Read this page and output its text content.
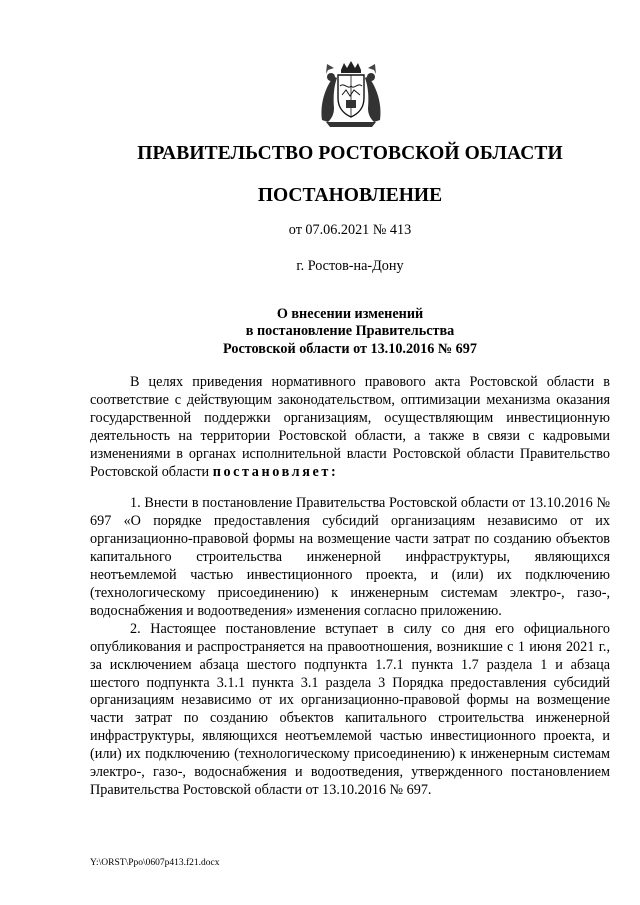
ПРАВИТЕЛЬСТВО РОСТОВСКОЙ ОБЛАСТИ
ПОСТАНОВЛЕНИЕ
от 07.06.2021 № 413
г. Ростов-на-Дону
О внесении изменений
в постановление Правительства
Ростовской области от 13.10.2016 № 697

В целях приведения нормативного правового акта Ростовской области в соответствие с действующим законодательством, оптимизации механизма оказания государственной поддержки организациям, осуществляющим инвестиционную деятельность на территории Ростовской области, а также в связи с кадровыми изменениями в органах исполнительной власти Ростовской области Правительство Ростовской области постановляет:

1. Внести в постановление Правительства Ростовской области от 13.10.2016 № 697 «О порядке предоставления субсидий организациям независимо от их организационно-правовой формы на возмещение части затрат по созданию объектов капитального строительства инженерной инфраструктуры, являющихся неотъемлемой частью инвестиционного проекта, и (или) их подключению (технологическому присоединению) к инженерным системам электро-, газо-, водоснабжения и водоотведения» изменения согласно приложению.

2. Настоящее постановление вступает в силу со дня его официального опубликования и распространяется на правоотношения, возникшие с 1 июня 2021 г., за исключением абзаца шестого подпункта 1.7.1 пункта 1.7 раздела 1 и абзаца шестого подпункта 3.1.1 пункта 3.1 раздела 3 Порядка предоставления субсидий организациям независимо от их организационно-правовой формы на возмещение части затрат по созданию объектов капитального строительства инженерной инфраструктуры, являющихся неотъемлемой частью инвестиционного проекта, и (или) их подключению (технологическому присоединению) к инженерным системам электро-, газо-, водоснабжения и водоотведения, утвержденного постановлением Правительства Ростовской области от 13.10.2016 № 697.

Y:\ORST\Ppo\0607p413.f21.docx
